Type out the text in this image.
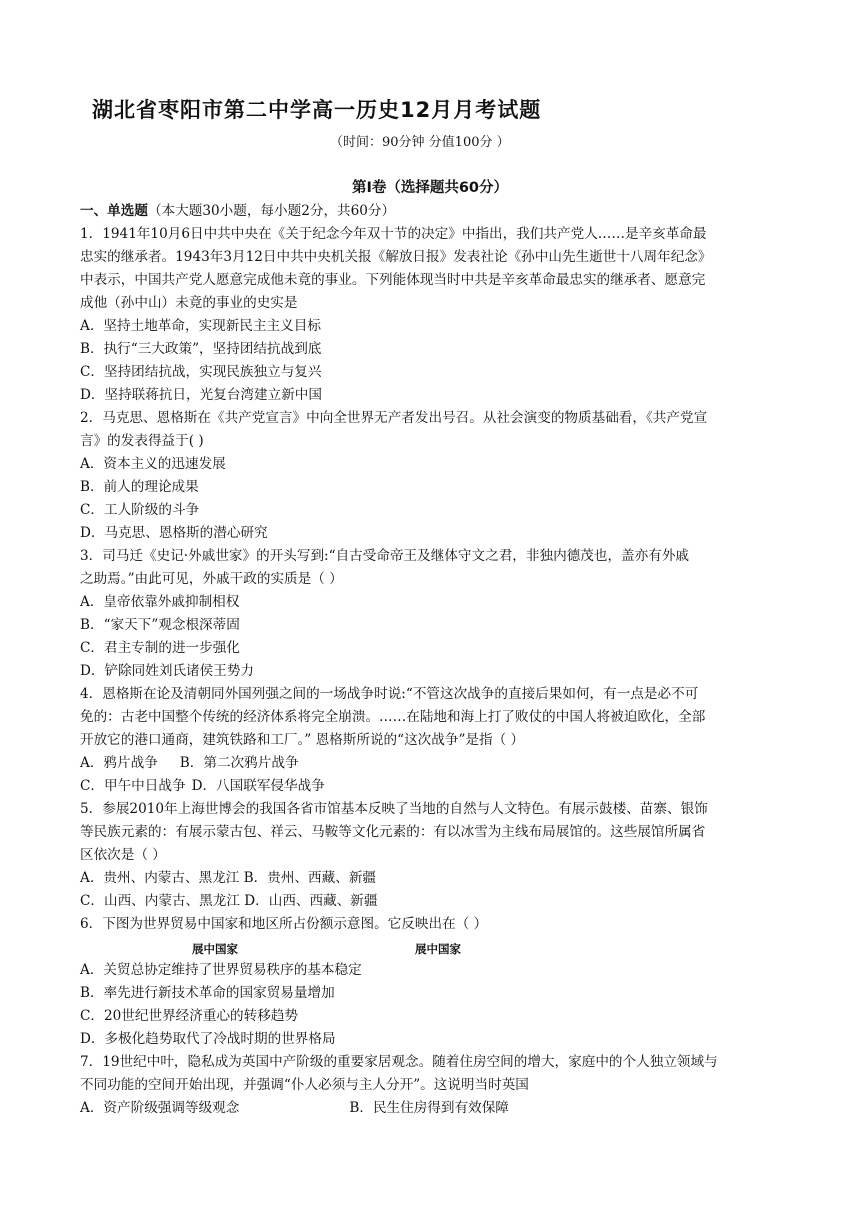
湖北省枣阳市第二中学高一历史12月月考试题
（时间：90分钟 分值100分 ）
第Ⅰ卷（选择题共60分）
一、单选题（本大题30小题，每小题2分，共60分）
1．1941年10月6日中共中央在《关于纪念今年双十节的决定》中指出，我们共产党人……是辛亥革命最
忠实的继承者。1943年3月12日中共中央机关报《解放日报》发表社论《孙中山先生逝世十八周年纪念》
中表示，中国共产党人愿意完成他未竟的事业。下列能体现当时中共是辛亥革命最忠实的继承者、愿意完
成他（孙中山）未竟的事业的史实是
A．坚持土地革命，实现新民主主义目标
B．执行“三大政策”，坚持团结抗战到底
C．坚持团结抗战，实现民族独立与复兴
D．坚持联蒋抗日，光复台湾建立新中国
2．马克思、恩格斯在《共产党宣言》中向全世界无产者发出号召。从社会演变的物质基础看，《共产党宣
言》的发表得益于( )
A．资本主义的迅速发展
B．前人的理论成果
C．工人阶级的斗争
D．马克思、恩格斯的潜心研究
3．司马迁《史记·外戚世家》的开头写到:“自古受命帝王及继体守文之君，非独内德茂也，盖亦有外戚
之助焉。”由此可见，外戚干政的实质是（ ）
A．皇帝依靠外戚抑制相权
B．“家天下”观念根深蒂固
C．君主专制的进一步强化
D．铲除同姓刘氏诸侯王势力
4．恩格斯在论及清朝同外国列强之间的一场战争时说:“不管这次战争的直接后果如何，有一点是必不可
免的：古老中国整个传统的经济体系将完全崩溃。……在陆地和海上打了败仗的中国人将被迫欧化，全部
开放它的港口通商，建筑铁路和工厂。” 恩格斯所说的“这次战争”是指（ ）
A．鸦片战争 B．第二次鸦片战争
C．甲午中日战争 D．八国联军侵华战争
5．参展2010年上海世博会的我国各省市馆基本反映了当地的自然与人文特色。有展示鼓楼、苗寨、银饰
等民族元素的：有展示蒙古包、祥云、马鞍等文化元素的：有以冰雪为主线布局展馆的。这些展馆所属省
区依次是（ ）
A．贵州、内蒙古、黑龙江 B．贵州、西藏、新疆
C．山西、内蒙古、黑龙江 D．山西、西藏、新疆
6．下图为世界贸易中国家和地区所占份额示意图。它反映出在（ ）
展中国家	展中国家
A．关贸总协定维持了世界贸易秩序的基本稳定
B．率先进行新技术革命的国家贸易量增加
C．20世纪世界经济重心的转移趋势
D．多极化趋势取代了冷战时期的世界格局
7．19世纪中叶，隐私成为英国中产阶级的重要家居观念。随着住房空间的增大，家庭中的个人独立领域与
不同功能的空间开始出现，并强调“仆人必须与主人分开”。这说明当时英国
A．资产阶级强调等级观念	B．民生住房得到有效保障
